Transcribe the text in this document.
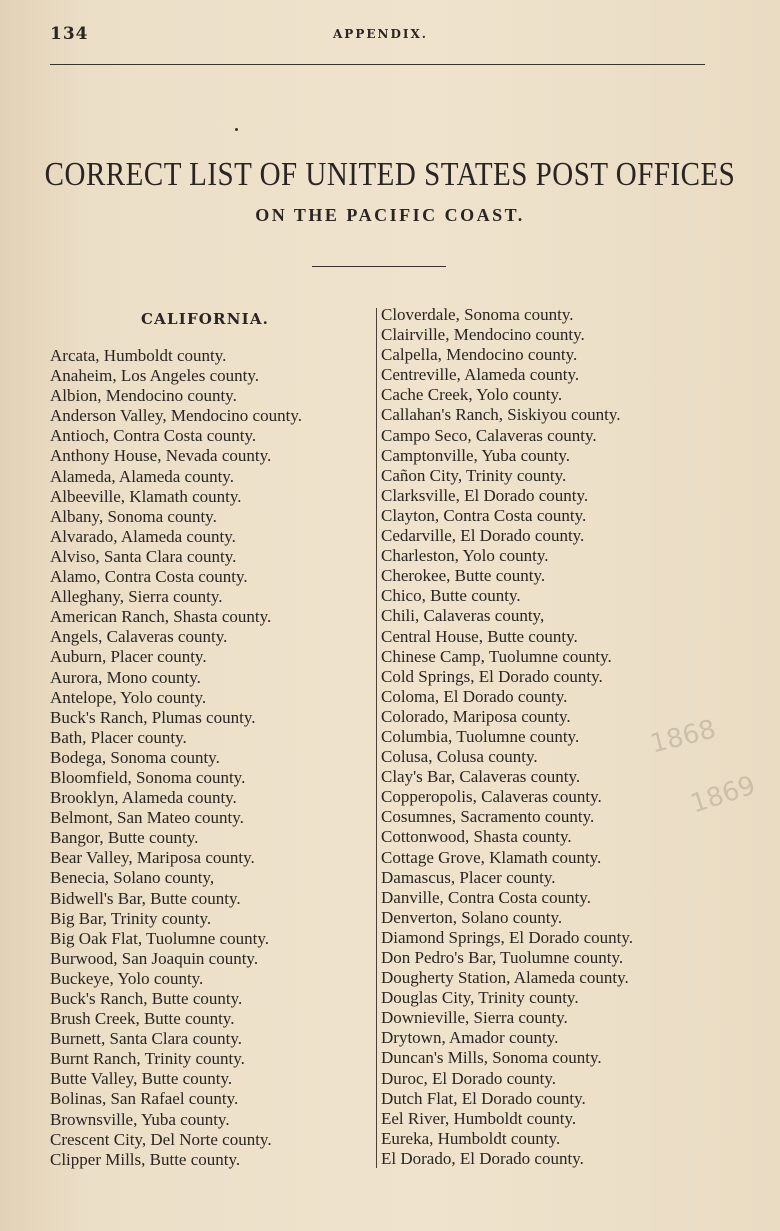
134	APPENDIX.
CORRECT LIST OF UNITED STATES POST OFFICES
ON THE PACIFIC COAST.
CALIFORNIA.
Arcata, Humboldt county.
Anaheim, Los Angeles county.
Albion, Mendocino county.
Anderson Valley, Mendocino county.
Antioch, Contra Costa county.
Anthony House, Nevada county.
Alameda, Alameda county.
Albeeville, Klamath county.
Albany, Sonoma county.
Alvarado, Alameda county.
Alviso, Santa Clara county.
Alamo, Contra Costa county.
Alleghany, Sierra county.
American Ranch, Shasta county.
Angels, Calaveras county.
Auburn, Placer county.
Aurora, Mono county.
Antelope, Yolo county.
Buck's Ranch, Plumas county.
Bath, Placer county.
Bodega, Sonoma county.
Bloomfield, Sonoma county.
Brooklyn, Alameda county.
Belmont, San Mateo county.
Bangor, Butte county.
Bear Valley, Mariposa county.
Benecia, Solano county,
Bidwell's Bar, Butte county.
Big Bar, Trinity county.
Big Oak Flat, Tuolumne county.
Burwood, San Joaquin county.
Buckeye, Yolo county.
Buck's Ranch, Butte county.
Brush Creek, Butte county.
Burnett, Santa Clara county.
Burnt Ranch, Trinity county.
Butte Valley, Butte county.
Bolinas, San Rafael county.
Brownsville, Yuba county.
Crescent City, Del Norte county.
Clipper Mills, Butte county.
Cloverdale, Sonoma county.
Clairville, Mendocino county.
Calpella, Mendocino county.
Centreville, Alameda county.
Cache Creek, Yolo county.
Callahan's Ranch, Siskiyou county.
Campo Seco, Calaveras county.
Camptonville, Yuba county.
Cañon City, Trinity county.
Clarksville, El Dorado county.
Clayton, Contra Costa county.
Cedarville, El Dorado county.
Charleston, Yolo county.
Cherokee, Butte county.
Chico, Butte county.
Chili, Calaveras county,
Central House, Butte county.
Chinese Camp, Tuolumne county.
Cold Springs, El Dorado county.
Coloma, El Dorado county.
Colorado, Mariposa county.
Columbia, Tuolumne county.
Colusa, Colusa county.
Clay's Bar, Calaveras county.
Copperopolis, Calaveras county.
Cosumnes, Sacramento county.
Cottonwood, Shasta county.
Cottage Grove, Klamath county.
Damascus, Placer county.
Danville, Contra Costa county.
Denverton, Solano county.
Diamond Springs, El Dorado county.
Don Pedro's Bar, Tuolumne county.
Dougherty Station, Alameda county.
Douglas City, Trinity county.
Downieville, Sierra county.
Drytown, Amador county.
Duncan's Mills, Sonoma county.
Duroc, El Dorado county.
Dutch Flat, El Dorado county.
Eel River, Humboldt county.
Eureka, Humboldt county.
El Dorado, El Dorado county.
1868
1869
